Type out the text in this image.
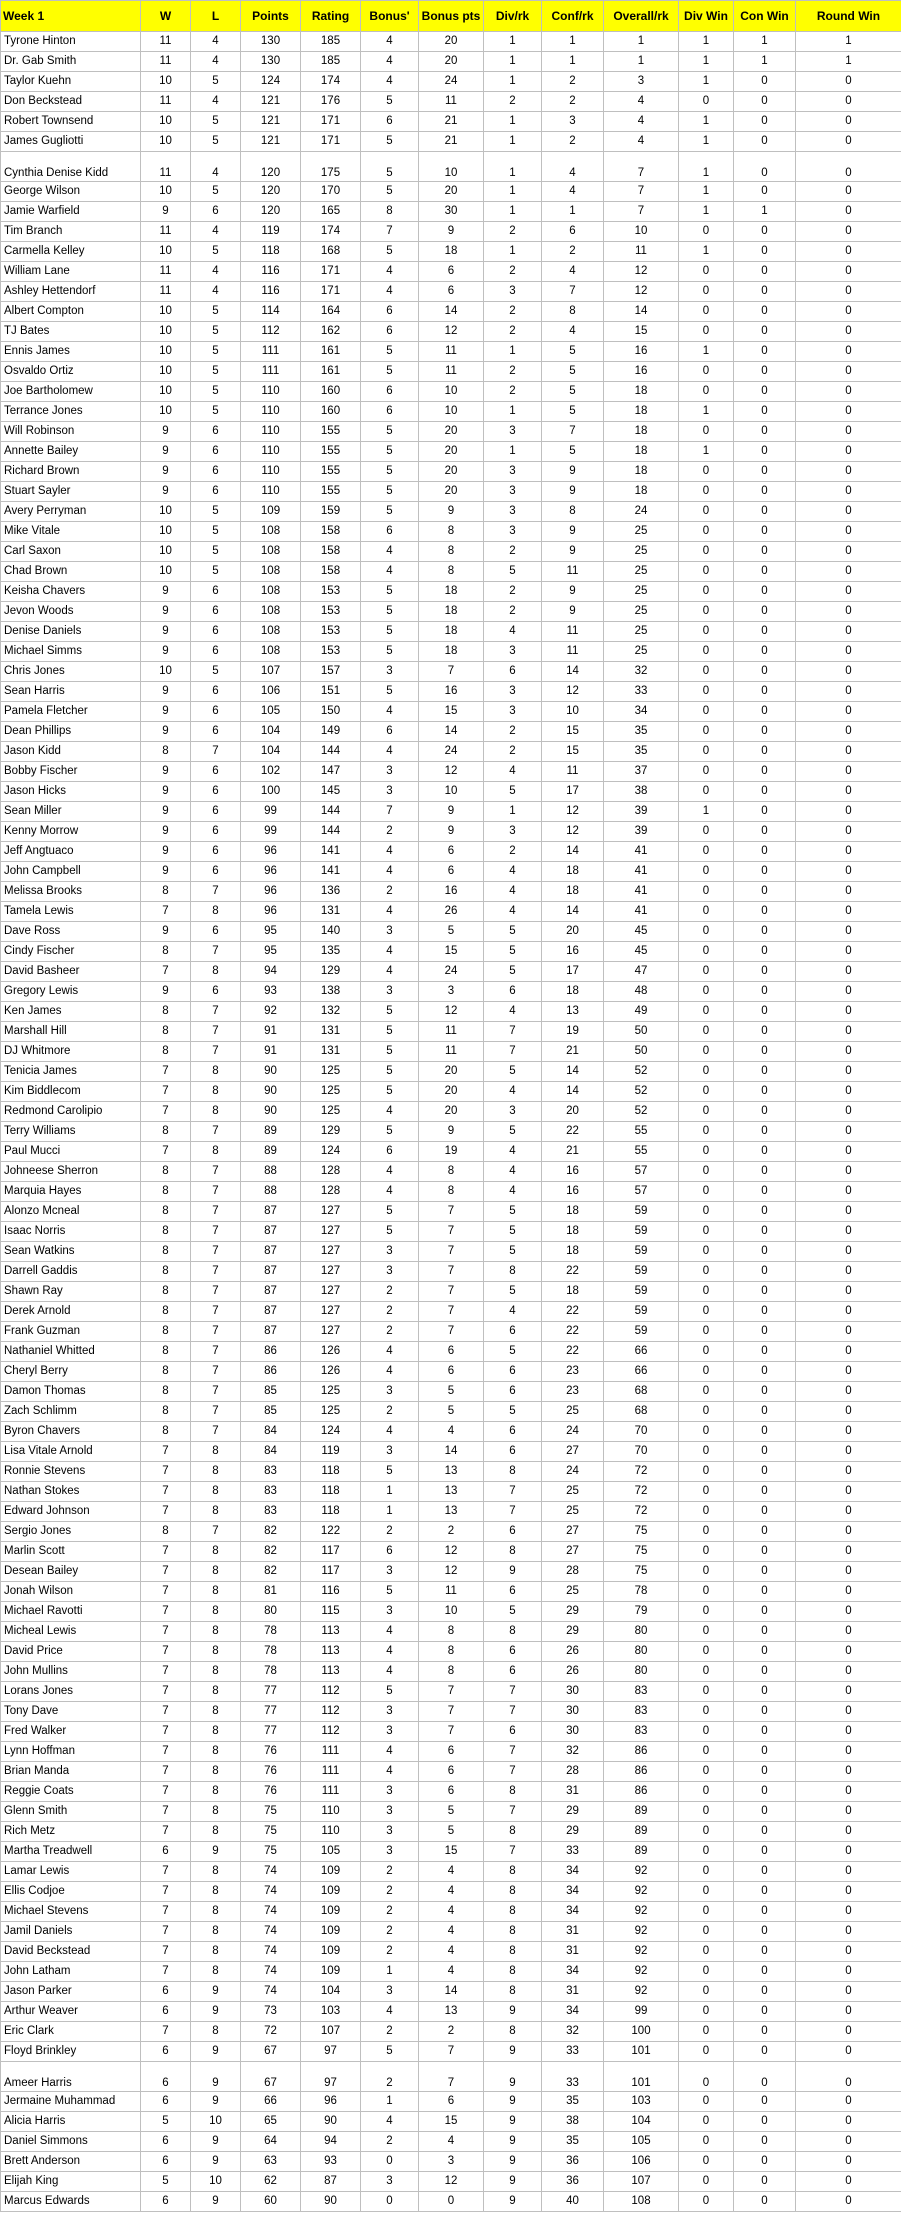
Week 1	W	L	Points	Rating	Bonus'	Bonus pts	Div/rk	Conf/rk	Overall/rk	Div Win	Con Win	Round Win
Tyrone Hinton	11	4	130	185	4	20	1	1	1	1	1	1
Dr. Gab Smith	11	4	130	185	4	20	1	1	1	1	1	1
Taylor Kuehn	10	5	124	174	4	24	1	2	3	1	0	0
Don Beckstead	11	4	121	176	5	11	2	2	4	0	0	0
Robert Townsend	10	5	121	171	6	21	1	3	4	1	0	0
James Gugliotti	10	5	121	171	5	21	1	2	4	1	0	0
Cynthia Denise Kidd	11	4	120	175	5	10	1	4	7	1	0	0
George Wilson	10	5	120	170	5	20	1	4	7	1	0	0
Jamie Warfield	9	6	120	165	8	30	1	1	7	1	1	0
Tim Branch	11	4	119	174	7	9	2	6	10	0	0	0
Carmella Kelley	10	5	118	168	5	18	1	2	11	1	0	0
William Lane	11	4	116	171	4	6	2	4	12	0	0	0
Ashley Hettendorf	11	4	116	171	4	6	3	7	12	0	0	0
Albert Compton	10	5	114	164	6	14	2	8	14	0	0	0
TJ Bates	10	5	112	162	6	12	2	4	15	0	0	0
Ennis James	10	5	111	161	5	11	1	5	16	1	0	0
Osvaldo Ortiz	10	5	111	161	5	11	2	5	16	0	0	0
Joe Bartholomew	10	5	110	160	6	10	2	5	18	0	0	0
Terrance Jones	10	5	110	160	6	10	1	5	18	1	0	0
Will Robinson	9	6	110	155	5	20	3	7	18	0	0	0
Annette Bailey	9	6	110	155	5	20	1	5	18	1	0	0
Richard Brown	9	6	110	155	5	20	3	9	18	0	0	0
Stuart Sayler	9	6	110	155	5	20	3	9	18	0	0	0
Avery Perryman	10	5	109	159	5	9	3	8	24	0	0	0
Mike Vitale	10	5	108	158	6	8	3	9	25	0	0	0
Carl Saxon	10	5	108	158	4	8	2	9	25	0	0	0
Chad Brown	10	5	108	158	4	8	5	11	25	0	0	0
Keisha Chavers	9	6	108	153	5	18	2	9	25	0	0	0
Jevon Woods	9	6	108	153	5	18	2	9	25	0	0	0
Denise Daniels	9	6	108	153	5	18	4	11	25	0	0	0
Michael Simms	9	6	108	153	5	18	3	11	25	0	0	0
Chris Jones	10	5	107	157	3	7	6	14	32	0	0	0
Sean Harris	9	6	106	151	5	16	3	12	33	0	0	0
Pamela Fletcher	9	6	105	150	4	15	3	10	34	0	0	0
Dean Phillips	9	6	104	149	6	14	2	15	35	0	0	0
Jason Kidd	8	7	104	144	4	24	2	15	35	0	0	0
Bobby Fischer	9	6	102	147	3	12	4	11	37	0	0	0
Jason Hicks	9	6	100	145	3	10	5	17	38	0	0	0
Sean Miller	9	6	99	144	7	9	1	12	39	1	0	0
Kenny Morrow	9	6	99	144	2	9	3	12	39	0	0	0
Jeff Angtuaco	9	6	96	141	4	6	2	14	41	0	0	0
John Campbell	9	6	96	141	4	6	4	18	41	0	0	0
Melissa Brooks	8	7	96	136	2	16	4	18	41	0	0	0
Tamela Lewis	7	8	96	131	4	26	4	14	41	0	0	0
Dave Ross	9	6	95	140	3	5	5	20	45	0	0	0
Cindy Fischer	8	7	95	135	4	15	5	16	45	0	0	0
David Basheer	7	8	94	129	4	24	5	17	47	0	0	0
Gregory Lewis	9	6	93	138	3	3	6	18	48	0	0	0
Ken James	8	7	92	132	5	12	4	13	49	0	0	0
Marshall Hill	8	7	91	131	5	11	7	19	50	0	0	0
DJ Whitmore	8	7	91	131	5	11	7	21	50	0	0	0
Tenicia James	7	8	90	125	5	20	5	14	52	0	0	0
Kim Biddlecom	7	8	90	125	5	20	4	14	52	0	0	0
Redmond Carolipio	7	8	90	125	4	20	3	20	52	0	0	0
Terry Williams	8	7	89	129	5	9	5	22	55	0	0	0
Paul Mucci	7	8	89	124	6	19	4	21	55	0	0	0
Johneese Sherron	8	7	88	128	4	8	4	16	57	0	0	0
Marquia Hayes	8	7	88	128	4	8	4	16	57	0	0	0
Alonzo Mcneal	8	7	87	127	5	7	5	18	59	0	0	0
Isaac Norris	8	7	87	127	5	7	5	18	59	0	0	0
Sean Watkins	8	7	87	127	3	7	5	18	59	0	0	0
Darrell Gaddis	8	7	87	127	3	7	8	22	59	0	0	0
Shawn Ray	8	7	87	127	2	7	5	18	59	0	0	0
Derek Arnold	8	7	87	127	2	7	4	22	59	0	0	0
Frank Guzman	8	7	87	127	2	7	6	22	59	0	0	0
Nathaniel Whitted	8	7	86	126	4	6	5	22	66	0	0	0
Cheryl Berry	8	7	86	126	4	6	6	23	66	0	0	0
Damon Thomas	8	7	85	125	3	5	6	23	68	0	0	0
Zach Schlimm	8	7	85	125	2	5	5	25	68	0	0	0
Byron Chavers	8	7	84	124	4	4	6	24	70	0	0	0
Lisa Vitale Arnold	7	8	84	119	3	14	6	27	70	0	0	0
Ronnie Stevens	7	8	83	118	5	13	8	24	72	0	0	0
Nathan Stokes	7	8	83	118	1	13	7	25	72	0	0	0
Edward Johnson	7	8	83	118	1	13	7	25	72	0	0	0
Sergio Jones	8	7	82	122	2	2	6	27	75	0	0	0
Marlin Scott	7	8	82	117	6	12	8	27	75	0	0	0
Desean Bailey	7	8	82	117	3	12	9	28	75	0	0	0
Jonah Wilson	7	8	81	116	5	11	6	25	78	0	0	0
Michael Ravotti	7	8	80	115	3	10	5	29	79	0	0	0
Micheal Lewis	7	8	78	113	4	8	8	29	80	0	0	0
David Price	7	8	78	113	4	8	6	26	80	0	0	0
John Mullins	7	8	78	113	4	8	6	26	80	0	0	0
Lorans Jones	7	8	77	112	5	7	7	30	83	0	0	0
Tony Dave	7	8	77	112	3	7	7	30	83	0	0	0
Fred Walker	7	8	77	112	3	7	6	30	83	0	0	0
Lynn Hoffman	7	8	76	111	4	6	7	32	86	0	0	0
Brian Manda	7	8	76	111	4	6	7	28	86	0	0	0
Reggie Coats	7	8	76	111	3	6	8	31	86	0	0	0
Glenn Smith	7	8	75	110	3	5	7	29	89	0	0	0
Rich Metz	7	8	75	110	3	5	8	29	89	0	0	0
Martha Treadwell	6	9	75	105	3	15	7	33	89	0	0	0
Lamar Lewis	7	8	74	109	2	4	8	34	92	0	0	0
Ellis Codjoe	7	8	74	109	2	4	8	34	92	0	0	0
Michael Stevens	7	8	74	109	2	4	8	34	92	0	0	0
Jamil Daniels	7	8	74	109	2	4	8	31	92	0	0	0
David Beckstead	7	8	74	109	2	4	8	31	92	0	0	0
John Latham	7	8	74	109	1	4	8	34	92	0	0	0
Jason Parker	6	9	74	104	3	14	8	31	92	0	0	0
Arthur Weaver	6	9	73	103	4	13	9	34	99	0	0	0
Eric Clark	7	8	72	107	2	2	8	32	100	0	0	0
Floyd Brinkley	6	9	67	97	5	7	9	33	101	0	0	0
Ameer Harris	6	9	67	97	2	7	9	33	101	0	0	0
Jermaine Muhammad	6	9	66	96	1	6	9	35	103	0	0	0
Alicia Harris	5	10	65	90	4	15	9	38	104	0	0	0
Daniel Simmons	6	9	64	94	2	4	9	35	105	0	0	0
Brett Anderson	6	9	63	93	0	3	9	36	106	0	0	0
Elijah King	5	10	62	87	3	12	9	36	107	0	0	0
Marcus Edwards	6	9	60	90	0	0	9	40	108	0	0	0
